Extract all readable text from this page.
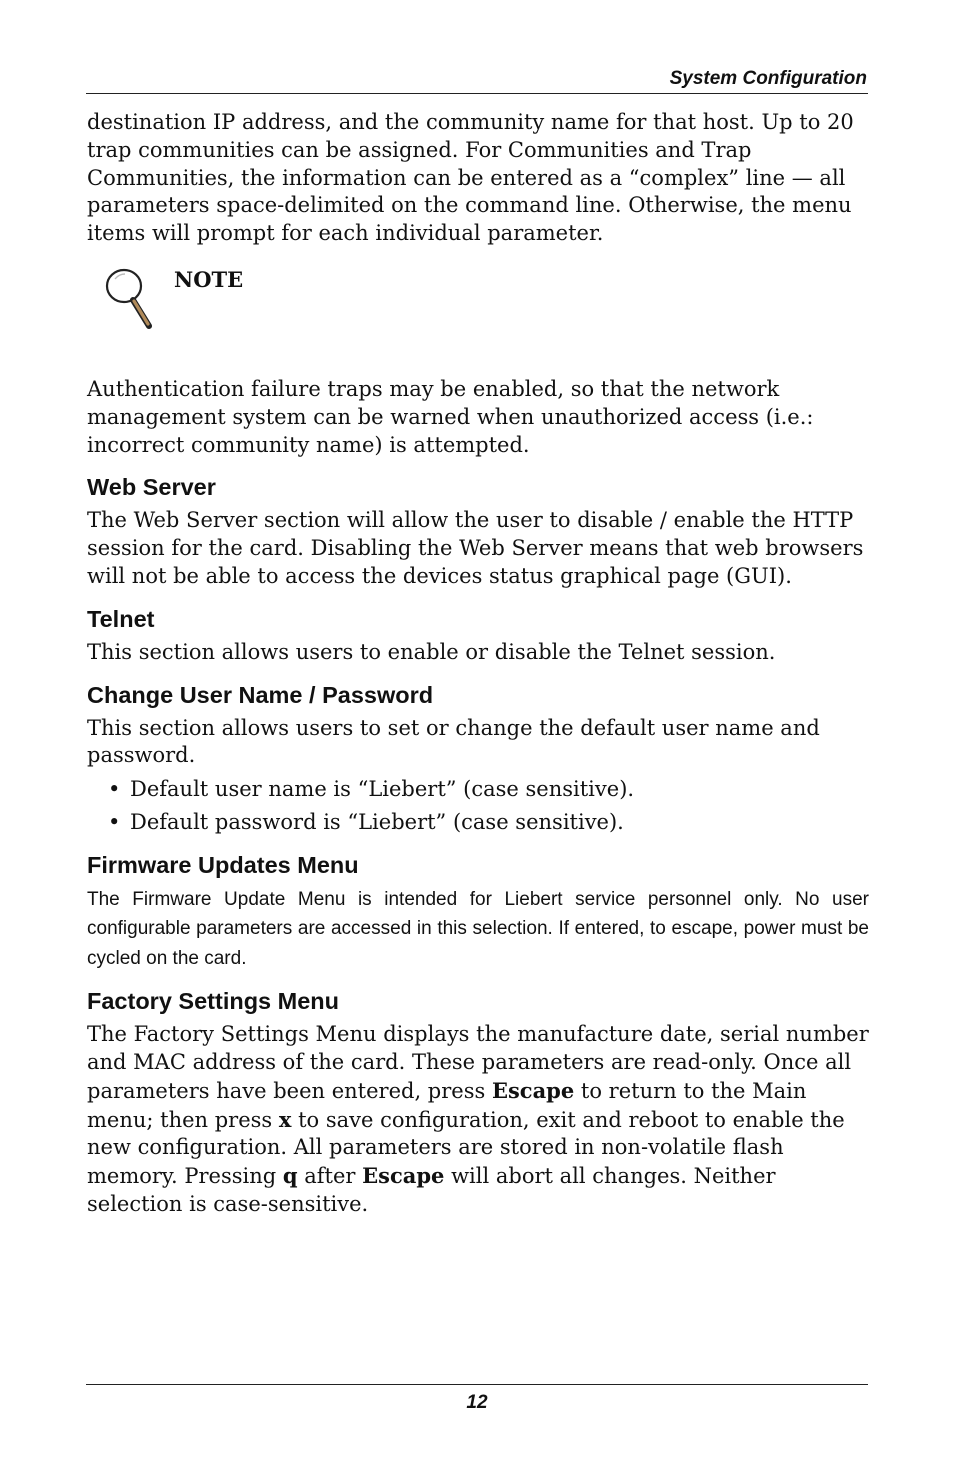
System Configuration

destination IP address, and the community name for that host. Up to 20 trap communities can be assigned. For Communities and Trap Communities, the information can be entered as a “complex” line — all parameters space-delimited on the command line. Otherwise, the menu items will prompt for each individual parameter.

NOTE

Authentication failure traps may be enabled, so that the network management system can be warned when unauthorized access (i.e.: incorrect community name) is attempted.

Web Server

The Web Server section will allow the user to disable / enable the HTTP session for the card. Disabling the Web Server means that web browsers will not be able to access the devices status graphical page (GUI).

Telnet

This section allows users to enable or disable the Telnet session.

Change User Name / Password

This section allows users to set or change the default user name and password.

• Default user name is “Liebert” (case sensitive).
• Default password is “Liebert” (case sensitive).
Firmware Updates Menu

The Firmware Update Menu is intended for Liebert service personnel only. No user configurable parameters are accessed in this selection. If entered, to escape, power must be cycled on the card.

Factory Settings Menu

The Factory Settings Menu displays the manufacture date, serial number and MAC address of the card. These parameters are read-only. Once all parameters have been entered, press Escape to return to the Main menu; then press x to save configuration, exit and reboot to enable the new configuration. All parameters are stored in non-volatile flash memory. Pressing q after Escape will abort all changes. Neither selection is case-sensitive.

12
